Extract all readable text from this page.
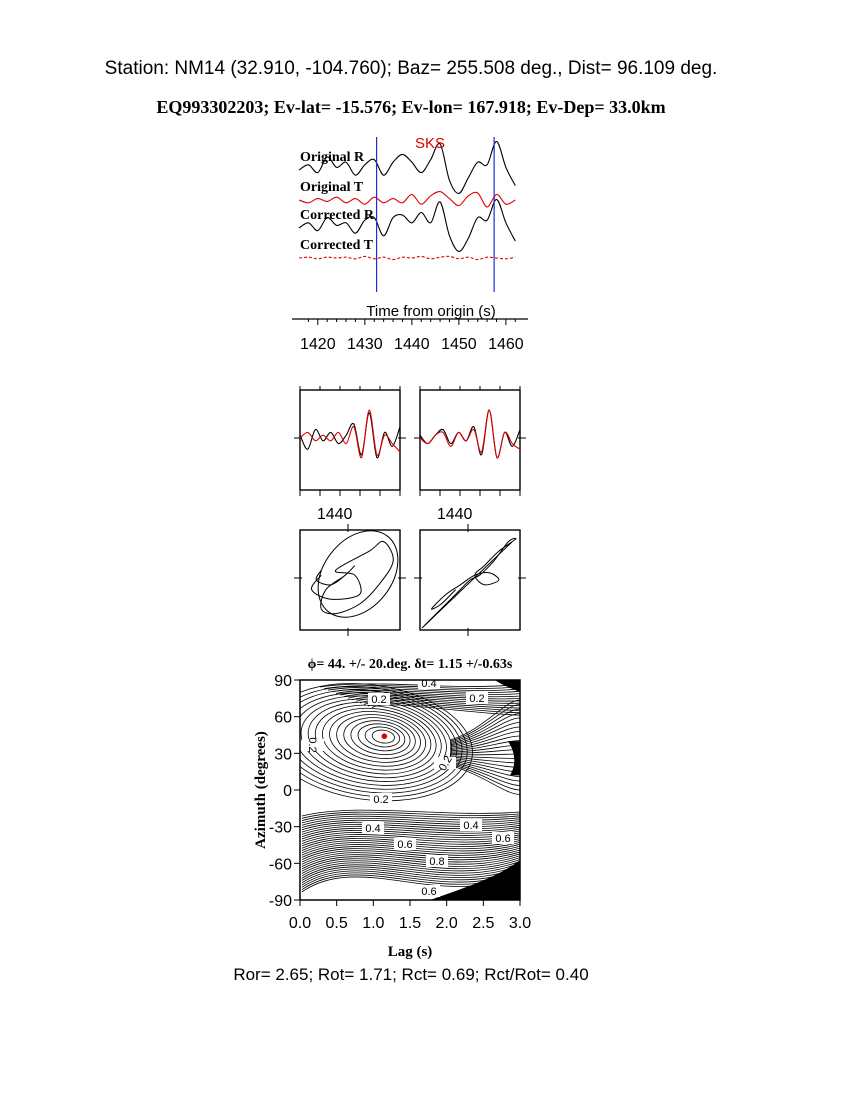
Station: NM14 (32.910, -104.760); Baz= 255.508 deg., Dist= 96.109 deg.
EQ993302203; Ev-lat= -15.576; Ev-lon= 167.918; Ev-Dep= 33.0km
Original R
Original T
Corrected R
Corrected T
SKS
1420 1430 1440 1450 1460
Time from origin (s)
1440	1440
0.4
0.2	0.2
0.2
0.2
0.2
0.4	0.4
0.6	0.6
0.8
0.6
0.0 0.5 1.0 1.5 2.0 2.5 3.0
90
60
30
0
-30
-60
-90
ϕ= 44. +/- 20.deg. δt= 1.15 +/-0.63s
Lag (s)
Azimuth (degrees)
Ror= 2.65; Rot= 1.71; Rct= 0.69; Rct/Rot= 0.40
